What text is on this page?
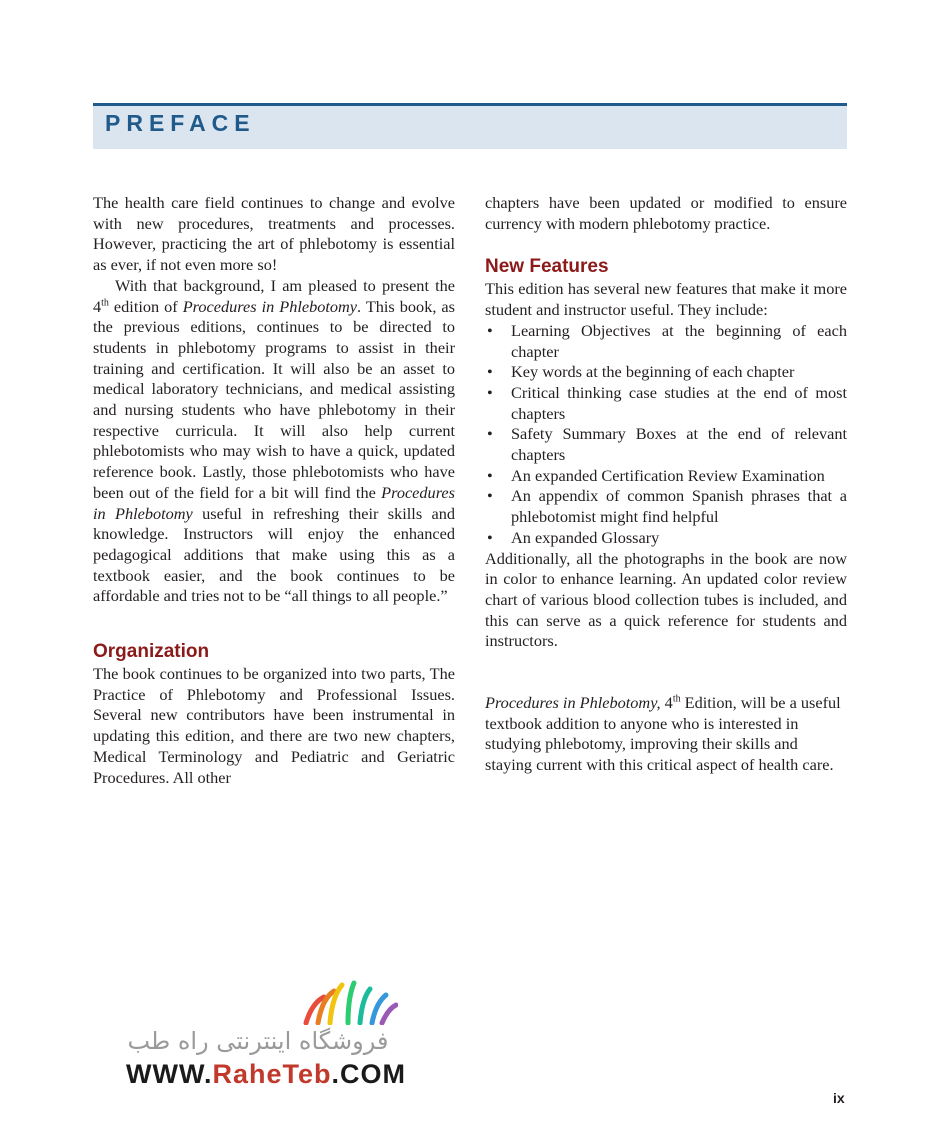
PREFACE

The health care field continues to change and evolve with new procedures, treatments and processes. However, practicing the art of phlebotomy is essential as ever, if not even more so!

With that background, I am pleased to present the 4th edition of Procedures in Phlebotomy. This book, as the previous editions, continues to be directed to students in phlebotomy programs to assist in their training and certification. It will also be an asset to medical laboratory technicians, and medical assisting and nursing students who have phlebotomy in their respective curricula. It will also help current phlebotomists who may wish to have a quick, updated reference book. Lastly, those phlebotomists who have been out of the field for a bit will find the Procedures in Phlebotomy useful in refreshing their skills and knowledge. Instructors will enjoy the enhanced pedagogical additions that make using this as a textbook easier, and the book continues to be affordable and tries not to be “all things to all people.”

Organization

The book continues to be organized into two parts, The Practice of Phlebotomy and Professional Issues. Several new contributors have been instrumental in updating this edition, and there are two new chapters, Medical Terminology and Pediatric and Geriatric Procedures. All other

chapters have been updated or modified to ensure currency with modern phlebotomy practice.

New Features

This edition has several new features that make it more student and instructor useful. They include:

• Learning Objectives at the beginning of each chapter
• Key words at the beginning of each chapter
• Critical thinking case studies at the end of most chapters
• Safety Summary Boxes at the end of relevant chapters
• An expanded Certification Review Examination
• An appendix of common Spanish phrases that a phlebotomist might find helpful
• An expanded Glossary

Additionally, all the photographs in the book are now in color to enhance learning. An updated color review chart of various blood collection tubes is included, and this can serve as a quick reference for students and instructors.

Procedures in Phlebotomy, 4th Edition, will be a useful textbook addition to anyone who is interested in studying phlebotomy, improving their skills and staying current with this critical aspect of health care.

فروشگاه اینترنتی راه طب
WWW.RaheTeb.COM
ix
